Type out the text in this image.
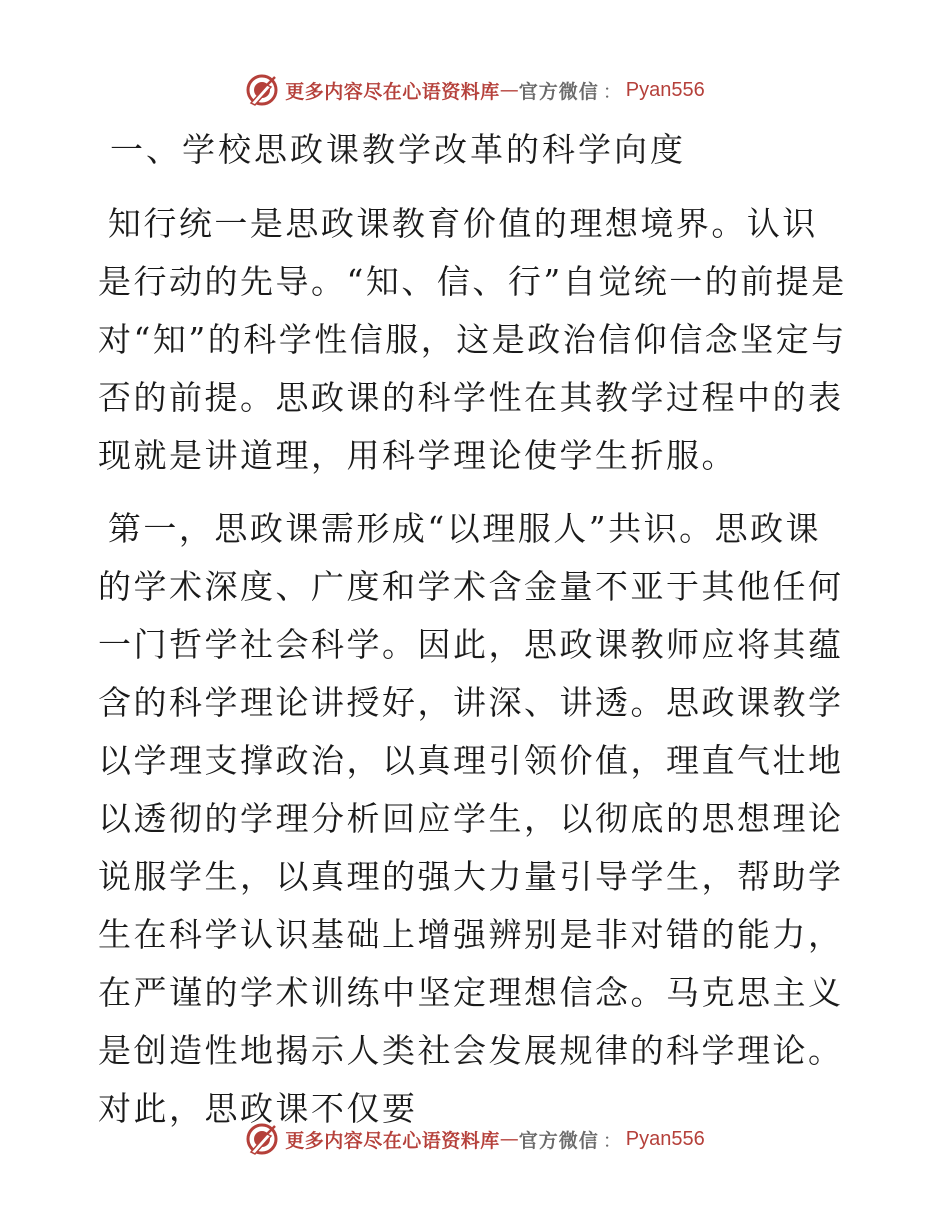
更多内容尽在心语资料库 — 官方微信 ： Pyan556
一、学校思政课教学改革的科学向度

知行统一是思政课教育价值的理想境界。认识是行动的先导。“知、信、行”自觉统一的前提是对“知”的科学性信服，这是政治信仰信念坚定与否的前提。思政课的科学性在其教学过程中的表现就是讲道理，用科学理论使学生折服。

第一，思政课需形成“以理服人”共识。思政课的学术深度、广度和学术含金量不亚于其他任何一门哲学社会科学。因此，思政课教师应将其蕴含的科学理论讲授好，讲深、讲透。思政课教学以学理支撑政治，以真理引领价值，理直气壮地以透彻的学理分析回应学生，以彻底的思想理论说服学生，以真理的强大力量引导学生，帮助学生在科学认识基础上增强辨别是非对错的能力，在严谨的学术训练中坚定理想信念。马克思主义是创造性地揭示人类社会发展规律的科学理论。对此，思政课不仅要

更多内容尽在心语资料库 — 官方微信 ： Pyan556
